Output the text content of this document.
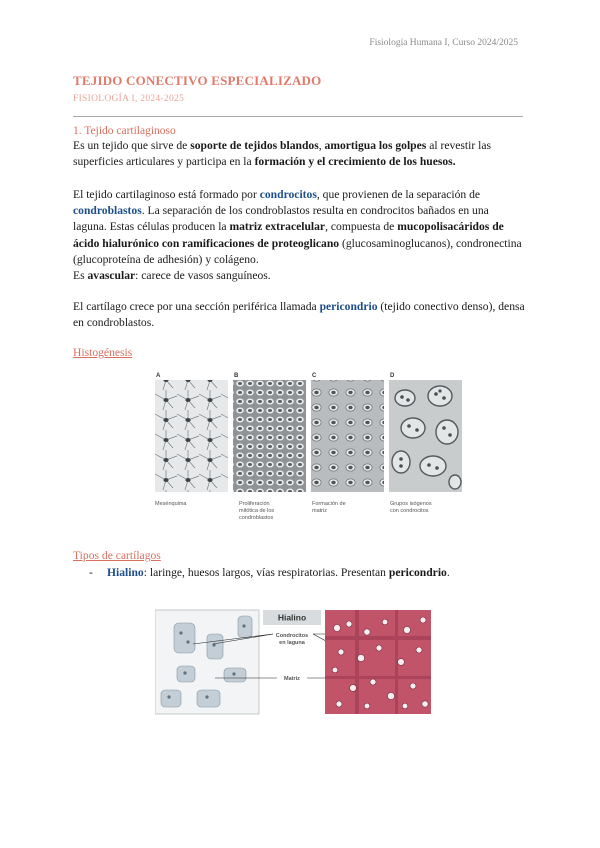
Fisiología Humana I, Curso 2024/2025
TEJIDO CONECTIVO ESPECIALIZADO
FISIOLOGÍA I, 2024-2025
1. Tejido cartilaginoso
Es un tejido que sirve de soporte de tejidos blandos, amortigua los golpes al revestir las superficies articulares y participa en la formación y el crecimiento de los huesos.
El tejido cartilaginoso está formado por condrocitos, que provienen de la separación de condroblastos. La separación de los condroblastos resulta en condrocitos bañados en una laguna. Estas células producen la matriz extracelular, compuesta de mucopolisacáridos de ácido hialurónico con ramificaciones de proteoglicano (glucosaminoglucanos), condronectina (glucoproteína de adhesión) y colágeno.
Es avascular: carece de vasos sanguíneos.
El cartílago crece por una sección periférica llamada pericondrio (tejido conectivo denso), densa en condroblastos.
Histogénesis
A
Mesénquima
B
Proliferación
mitótica de los
condroblastos
C
Formación de
matriz
D
Grupos isógenos
con condrocitos
Tipos de cartílagos
- Hialino: laringe, huesos largos, vías respiratorias. Presentan pericondrio.
Hialino
Condrocitos
en laguna
Matriz
